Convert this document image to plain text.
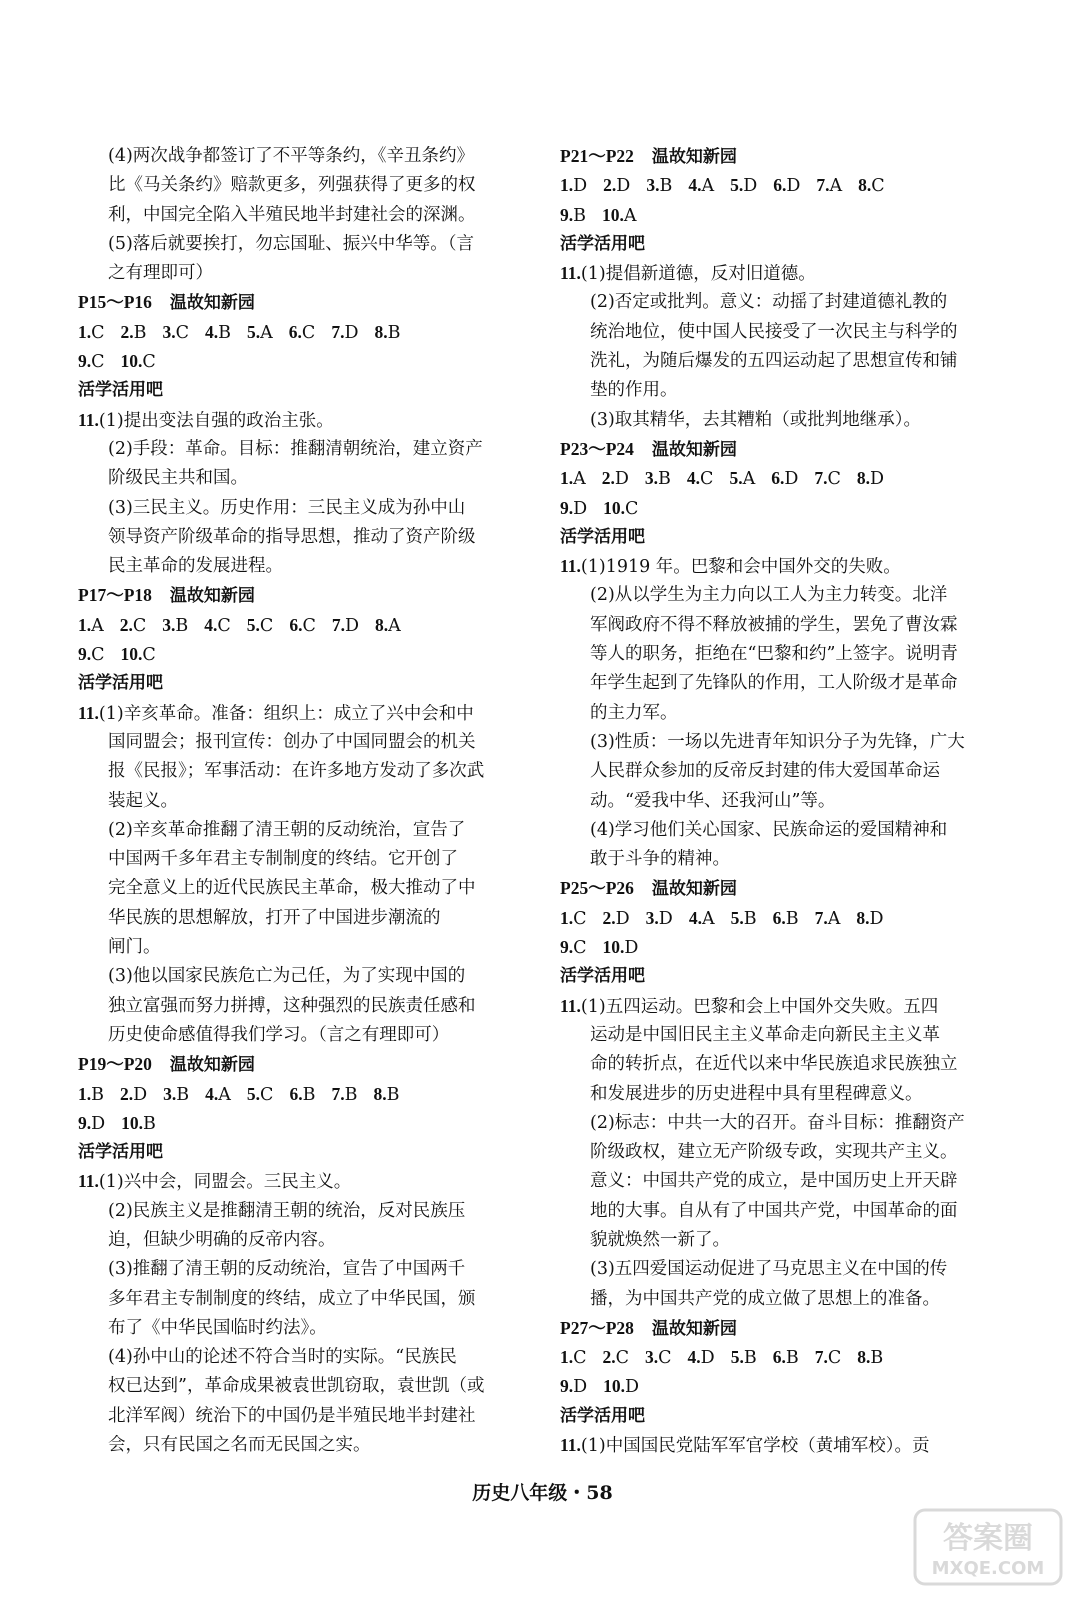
(4)两次战争都签订了不平等条约，《辛丑条约》
比《马关条约》赔款更多，列强获得了更多的权
利，中国完全陷入半殖民地半封建社会的深渊。
(5)落后就要挨打，勿忘国耻、振兴中华等。（言
之有理即可）
P15～P16 温故知新园
1.C 2.B 3.C 4.B 5.A 6.C 7.D 8.B
9.C 10.C
活学活用吧
11.(1)提出变法自强的政治主张。
(2)手段：革命。目标：推翻清朝统治，建立资产
阶级民主共和国。
(3)三民主义。历史作用：三民主义成为孙中山
领导资产阶级革命的指导思想，推动了资产阶级
民主革命的发展进程。
P17～P18 温故知新园
1.A 2.C 3.B 4.C 5.C 6.C 7.D 8.A
9.C 10.C
活学活用吧
11.(1)辛亥革命。准备：组织上：成立了兴中会和中
国同盟会；报刊宣传：创办了中国同盟会的机关
报《民报》；军事活动：在许多地方发动了多次武
装起义。
(2)辛亥革命推翻了清王朝的反动统治，宣告了
中国两千多年君主专制制度的终结。它开创了
完全意义上的近代民族民主革命，极大推动了中
华民族的思想解放，打开了中国进步潮流的
闸门。
(3)他以国家民族危亡为己任，为了实现中国的
独立富强而努力拼搏，这种强烈的民族责任感和
历史使命感值得我们学习。（言之有理即可）
P19～P20 温故知新园
1.B 2.D 3.B 4.A 5.C 6.B 7.B 8.B
9.D 10.B
活学活用吧
11.(1)兴中会，同盟会。三民主义。
(2)民族主义是推翻清王朝的统治，反对民族压
迫，但缺少明确的反帝内容。
(3)推翻了清王朝的反动统治，宣告了中国两千
多年君主专制制度的终结，成立了中华民国，颁
布了《中华民国临时约法》。
(4)孙中山的论述不符合当时的实际。“民族民
权已达到”，革命成果被袁世凯窃取，袁世凯（或
北洋军阀）统治下的中国仍是半殖民地半封建社
会，只有民国之名而无民国之实。
P21～P22 温故知新园
1.D 2.D 3.B 4.A 5.D 6.D 7.A 8.C
9.B 10.A
活学活用吧
11.(1)提倡新道德，反对旧道德。
(2)否定或批判。意义：动摇了封建道德礼教的
统治地位，使中国人民接受了一次民主与科学的
洗礼，为随后爆发的五四运动起了思想宣传和铺
垫的作用。
(3)取其精华，去其糟粕（或批判地继承）。
P23～P24 温故知新园
1.A 2.D 3.B 4.C 5.A 6.D 7.C 8.D
9.D 10.C
活学活用吧
11.(1)1919 年。巴黎和会中国外交的失败。
(2)从以学生为主力向以工人为主力转变。北洋
军阀政府不得不释放被捕的学生，罢免了曹汝霖
等人的职务，拒绝在“巴黎和约”上签字。说明青
年学生起到了先锋队的作用，工人阶级才是革命
的主力军。
(3)性质：一场以先进青年知识分子为先锋，广大
人民群众参加的反帝反封建的伟大爱国革命运
动。“爱我中华、还我河山”等。
(4)学习他们关心国家、民族命运的爱国精神和
敢于斗争的精神。
P25～P26 温故知新园
1.C 2.D 3.D 4.A 5.B 6.B 7.A 8.D
9.C 10.D
活学活用吧
11.(1)五四运动。巴黎和会上中国外交失败。五四
运动是中国旧民主主义革命走向新民主主义革
命的转折点，在近代以来中华民族追求民族独立
和发展进步的历史进程中具有里程碑意义。
(2)标志：中共一大的召开。奋斗目标：推翻资产
阶级政权，建立无产阶级专政，实现共产主义。
意义：中国共产党的成立，是中国历史上开天辟
地的大事。自从有了中国共产党，中国革命的面
貌就焕然一新了。
(3)五四爱国运动促进了马克思主义在中国的传
播，为中国共产党的成立做了思想上的准备。
P27～P28 温故知新园
1.C 2.C 3.C 4.D 5.B 6.B 7.C 8.B
9.D 10.D
活学活用吧
11.(1)中国国民党陆军军官学校（黄埔军校）。贡
历史八年级・58
答案圈
MXQE.COM
